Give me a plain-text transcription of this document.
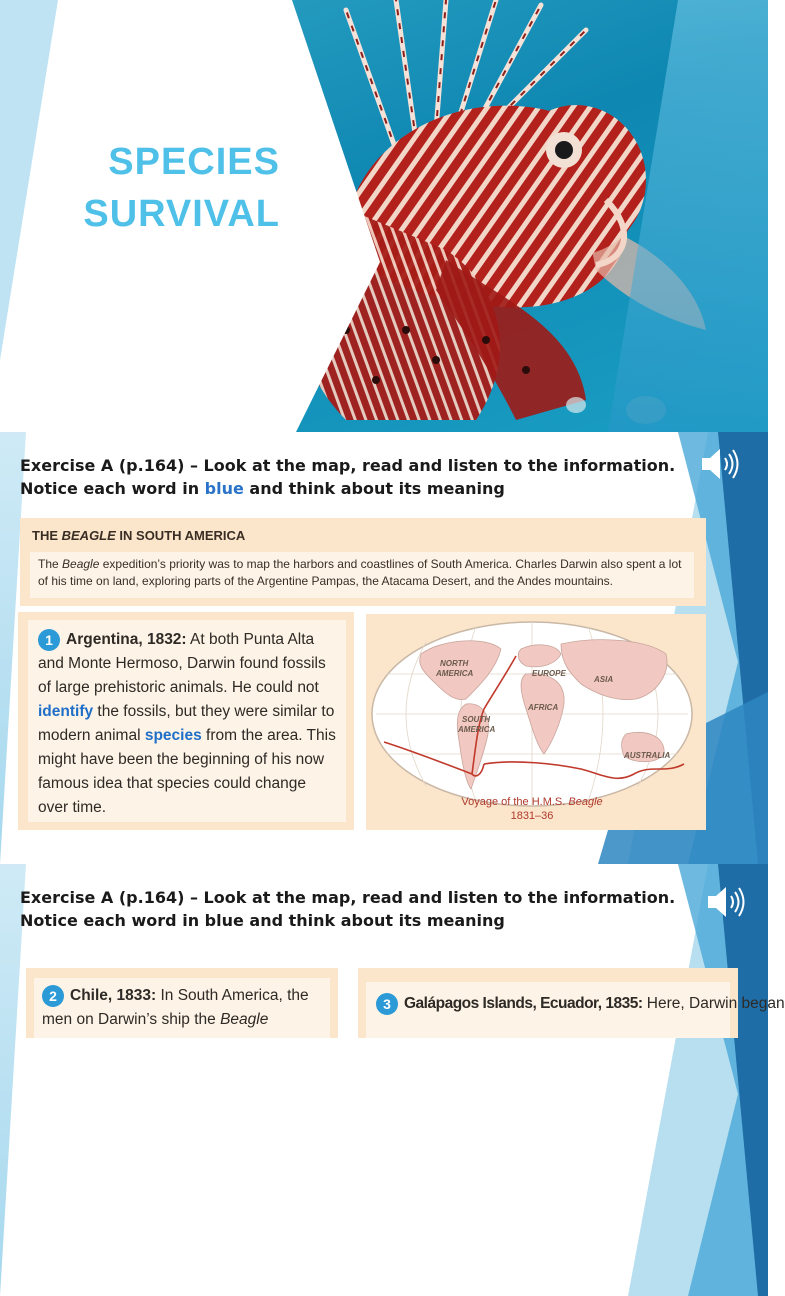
SPECIES
SURVIVAL
Exercise A (p.164) – Look at the map, read and listen to the information. Notice each word in blue and think about its meaning
THE BEAGLE IN SOUTH AMERICA
The Beagle expedition’s priority was to map the harbors and coastlines of South America. Charles Darwin also spent a lot of his time on land, exploring parts of the Argentine Pampas, the Atacama Desert, and the Andes mountains.
1 Argentina, 1832: At both Punta Alta and Monte Hermoso, Darwin found fossils of large prehistoric animals. He could not identify the fossils, but they were similar to modern animal species from the area. This might have been the beginning of his now famous idea that species could change over time.
NORTH
AMERICA
SOUTH
AMERICA
EUROPE
ASIA
AFRICA
AUSTRALIA
Voyage of the H.M.S. Beagle
1831–36
Exercise A (p.164) – Look at the map, read and listen to the information. Notice each word in blue and think about its meaning
2 Chile, 1833: In South America, the men on Darwin’s ship the Beagle
3 Galápagos Islands, Ecuador, 1835: Here, Darwin began
